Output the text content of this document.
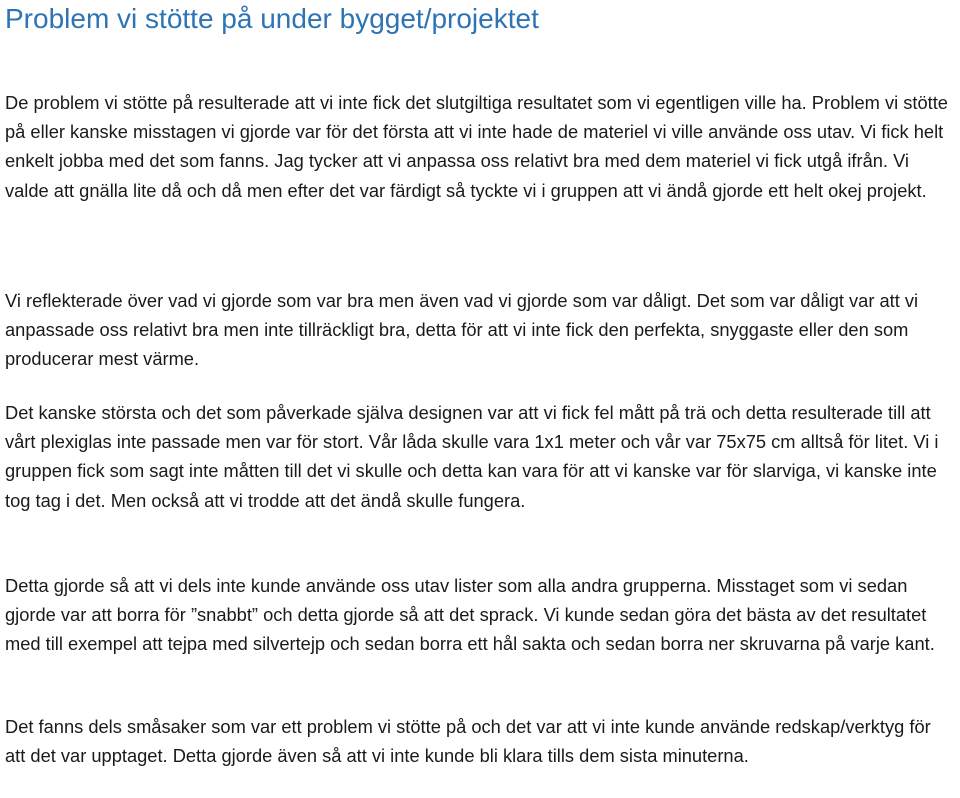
Problem vi stötte på under bygget/projektet

De problem vi stötte på resulterade att vi inte fick det slutgiltiga resultatet som vi egentligen ville ha. Problem vi stötte på eller kanske misstagen vi gjorde var för det första att vi inte hade de materiel vi ville använde oss utav. Vi fick helt enkelt jobba med det som fanns. Jag tycker att vi anpassa oss relativt bra med dem materiel vi fick utgå ifrån. Vi valde att gnälla lite då och då men efter det var färdigt så tyckte vi i gruppen att vi ändå gjorde ett helt okej projekt.

Vi reflekterade över vad vi gjorde som var bra men även vad vi gjorde som var dåligt. Det som var dåligt var att vi anpassade oss relativt bra men inte tillräckligt bra, detta för att vi inte fick den perfekta, snyggaste eller den som producerar mest värme.

Det kanske största och det som påverkade själva designen var att vi fick fel mått på trä och detta resulterade till att vårt plexiglas inte passade men var för stort. Vår låda skulle vara 1x1 meter och vår var 75x75 cm alltså för litet. Vi i gruppen fick som sagt inte måtten till det vi skulle och detta kan vara för att vi kanske var för slarviga, vi kanske inte tog tag i det. Men också att vi trodde att det ändå skulle fungera.

Detta gjorde så att vi dels inte kunde använde oss utav lister som alla andra grupperna. Misstaget som vi sedan gjorde var att borra för ”snabbt” och detta gjorde så att det sprack. Vi kunde sedan göra det bästa av det resultatet med till exempel att tejpa med silvertejp och sedan borra ett hål sakta och sedan borra ner skruvarna på varje kant.

Det fanns dels småsaker som var ett problem vi stötte på och det var att vi inte kunde använde redskap/verktyg för att det var upptaget. Detta gjorde även så att vi inte kunde bli klara tills dem sista minuterna.
